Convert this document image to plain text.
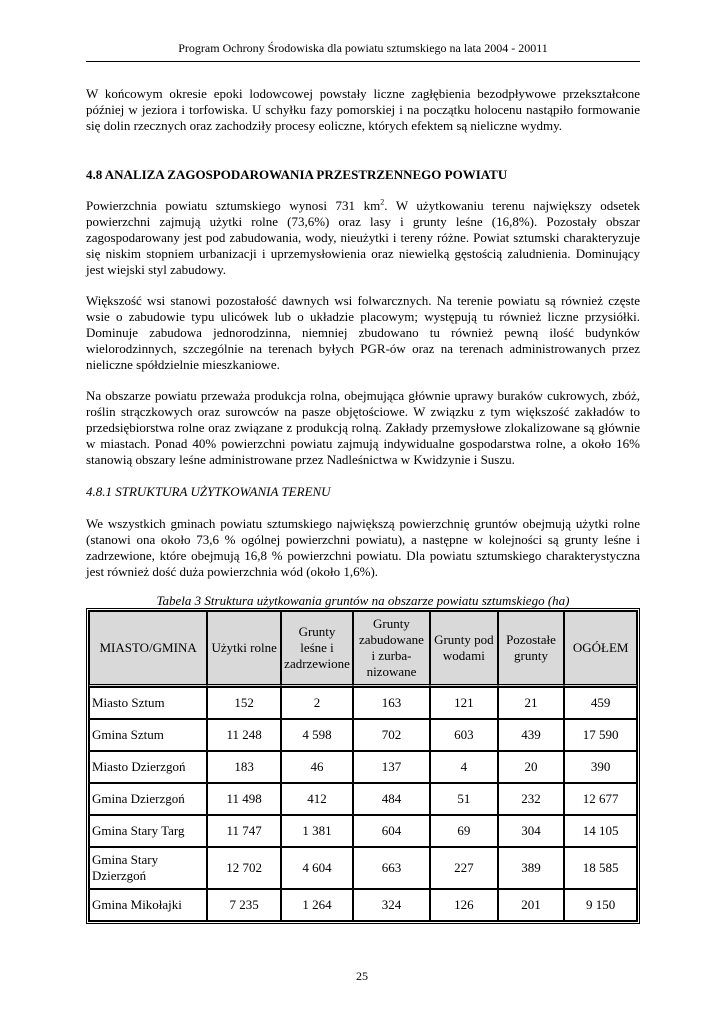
Program Ochrony Środowiska dla powiatu sztumskiego na lata 2004 - 20011

W końcowym okresie epoki lodowcowej powstały liczne zagłębienia bezodpływowe przekształcone później w jeziora i torfowiska. U schyłku fazy pomorskiej i na początku holocenu nastąpiło formowanie się dolin rzecznych oraz zachodziły procesy eoliczne, których efektem są nieliczne wydmy.

4.8 ANALIZA ZAGOSPODAROWANIA PRZESTRZENNEGO POWIATU

Powierzchnia powiatu sztumskiego wynosi 731 $km^2$. W użytkowaniu terenu największy odsetek powierzchni zajmują użytki rolne (73,6%) oraz lasy i grunty leśne (16,8%). Pozostały obszar zagospodarowany jest pod zabudowania, wody, nieużytki i tereny różne. Powiat sztumski charakteryzuje się niskim stopniem urbanizacji i uprzemysłowienia oraz niewielką gęstością zaludnienia. Dominujący jest wiejski styl zabudowy.

Większość wsi stanowi pozostałość dawnych wsi folwarcznych. Na terenie powiatu są również częste wsie o zabudowie typu ulicówek lub o układzie placowym; występują tu również liczne przysiółki. Dominuje zabudowa jednorodzinna, niemniej zbudowano tu również pewną ilość budynków wielorodzinnych, szczególnie na terenach byłych PGR-ów oraz na terenach administrowanych przez nieliczne spółdzielnie mieszkaniowe.

Na obszarze powiatu przeważa produkcja rolna, obejmująca głównie uprawy buraków cukrowych, zbóż, roślin strączkowych oraz surowców na pasze objętościowe. W związku z tym większość zakładów to przedsiębiorstwa rolne oraz związane z produkcją rolną. Zakłady przemysłowe zlokalizowane są głównie w miastach. Ponad 40% powierzchni powiatu zajmują indywidualne gospodarstwa rolne, a około 16% stanowią obszary leśne administrowane przez Nadleśnictwa w Kwidzynie i Suszu.

4.8.1 STRUKTURA UŻYTKOWANIA TERENU

We wszystkich gminach powiatu sztumskiego największą powierzchnię gruntów obejmują użytki rolne (stanowi ona około 73,6 % ogólnej powierzchni powiatu), a następne w kolejności są grunty leśne i zadrzewione, które obejmują 16,8 % powierzchni powiatu. Dla powiatu sztumskiego charakterystyczna jest również dość duża powierzchnia wód (około 1,6%).

Tabela 3 Struktura użytkowania gruntów na obszarze powiatu sztumskiego (ha)
MIASTO/GMINA	Użytki rolne	Grunty leśne i zadrzewione	Grunty zabudowane i zurba-nizowane	Grunty pod wodami	Pozostałe grunty	OGÓŁEM
Miasto Sztum	152	2	163	121	21	459
Gmina Sztum	11 248	4 598	702	603	439	17 590
Miasto Dzierzgoń	183	46	137	4	20	390
Gmina Dzierzgoń	11 498	412	484	51	232	12 677
Gmina Stary Targ	11 747	1 381	604	69	304	14 105
Gmina Stary Dzierzgoń	12 702	4 604	663	227	389	18 585
Gmina Mikołajki	7 235	1 264	324	126	201	9 150
25
